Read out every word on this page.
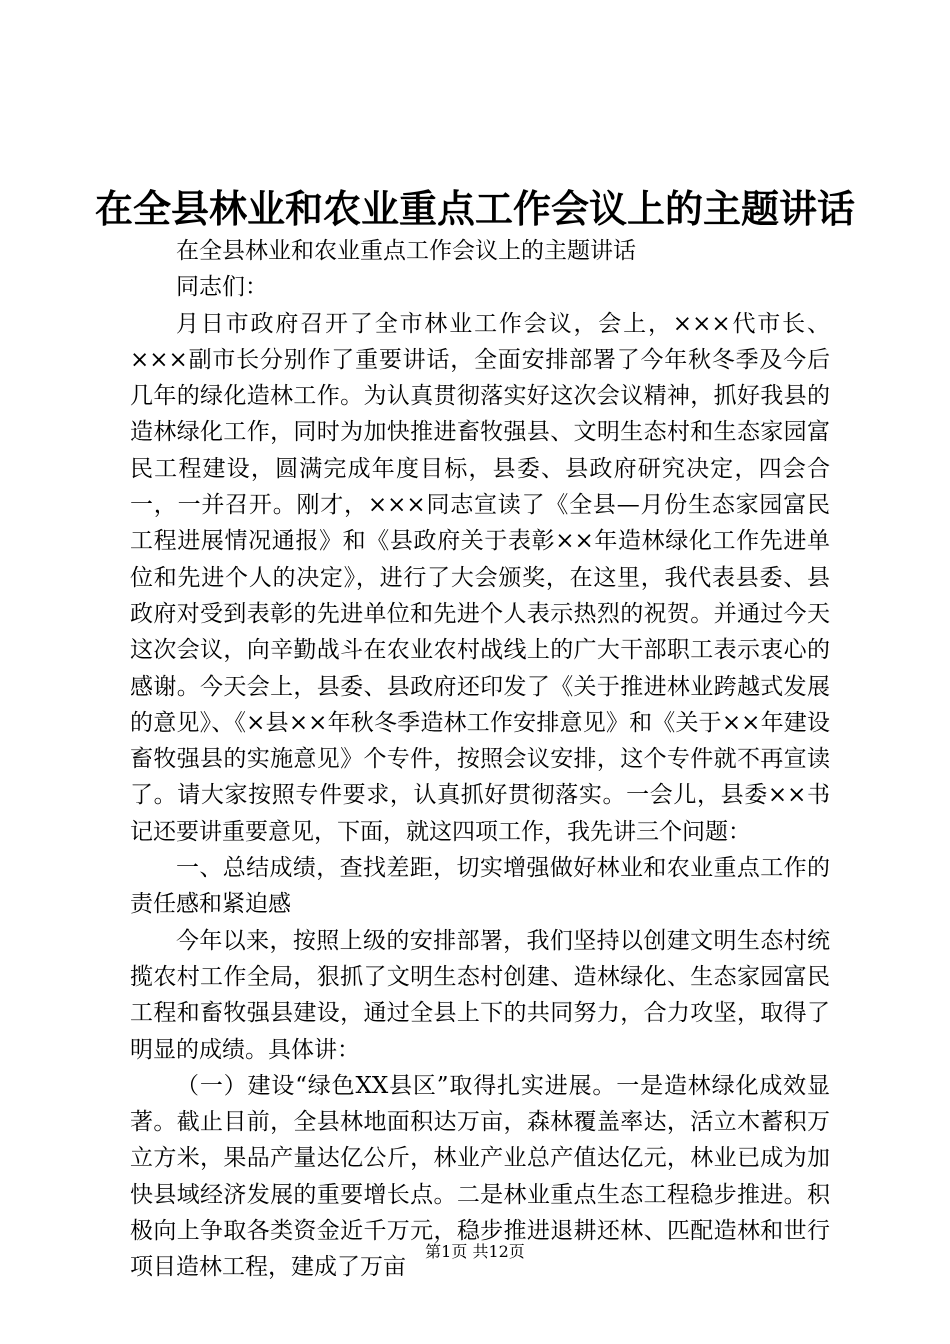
在全县林业和农业重点工作会议上的主题讲话

在全县林业和农业重点工作会议上的主题讲话

同志们：

月日市政府召开了全市林业工作会议，会上，×××代市长、×××副市长分别作了重要讲话，全面安排部署了今年秋冬季及今后几年的绿化造林工作。为认真贯彻落实好这次会议精神，抓好我县的造林绿化工作，同时为加快推进畜牧强县、文明生态村和生态家园富民工程建设，圆满完成年度目标，县委、县政府研究决定，四会合一，一并召开。刚才，×××同志宣读了《全县—月份生态家园富民工程进展情况通报》和《县政府关于表彰××年造林绿化工作先进单位和先进个人的决定》，进行了大会颁奖，在这里，我代表县委、县政府对受到表彰的先进单位和先进个人表示热烈的祝贺。并通过今天这次会议，向辛勤战斗在农业农村战线上的广大干部职工表示衷心的感谢。今天会上，县委、县政府还印发了《关于推进林业跨越式发展的意见》、《×县××年秋冬季造林工作安排意见》和《关于××年建设畜牧强县的实施意见》个专件，按照会议安排，这个专件就不再宣读了。请大家按照专件要求，认真抓好贯彻落实。一会儿，县委××书记还要讲重要意见，下面，就这四项工作，我先讲三个问题：

一、总结成绩，查找差距，切实增强做好林业和农业重点工作的责任感和紧迫感

今年以来，按照上级的安排部署，我们坚持以创建文明生态村统揽农村工作全局，狠抓了文明生态村创建、造林绿化、生态家园富民工程和畜牧强县建设，通过全县上下的共同努力，合力攻坚，取得了明显的成绩。具体讲：

（一）建设“绿色XX县区”取得扎实进展。一是造林绿化成效显著。截止目前，全县林地面积达万亩，森林覆盖率达，活立木蓄积万立方米，果品产量达亿公斤，林业产业总产值达亿元，林业已成为加快县域经济发展的重要增长点。二是林业重点生态工程稳步推进。积极向上争取各类资金近千万元，稳步推进退耕还林、匹配造林和世行项目造林工程，建成了万亩

第1页 共12页
